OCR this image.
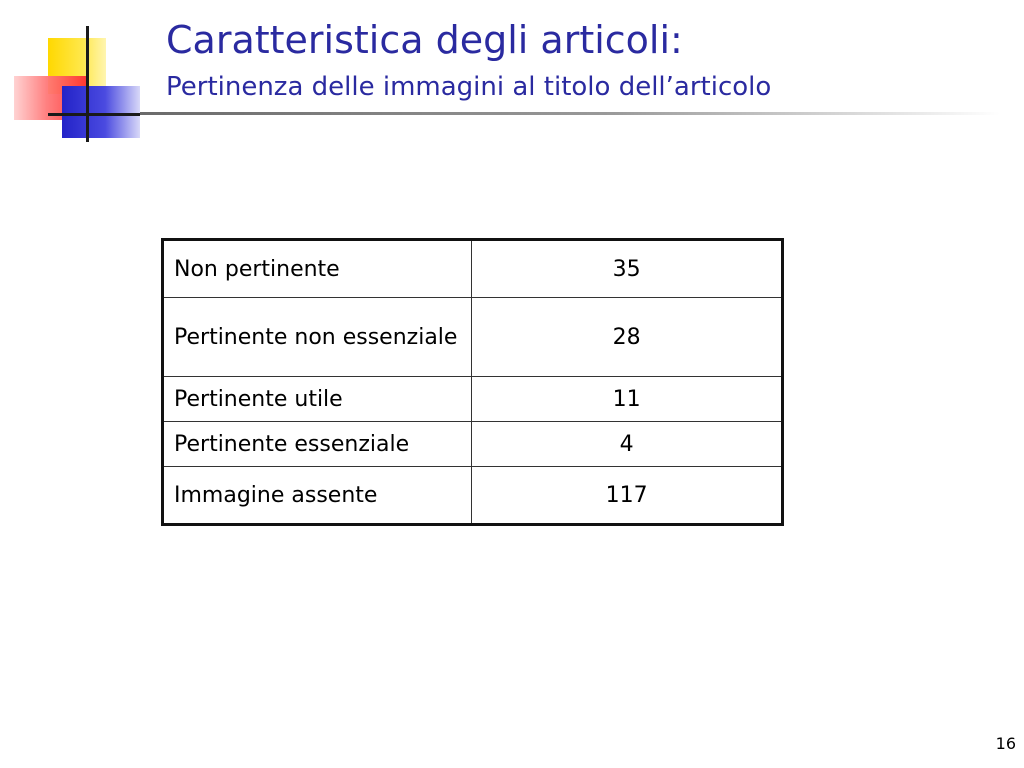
Caratteristica degli articoli:
Pertinenza delle immagini al titolo dell’articolo
Non pertinente	35
Pertinente non essenziale	28
Pertinente utile	11
Pertinente essenziale	4
Immagine assente	117
16
